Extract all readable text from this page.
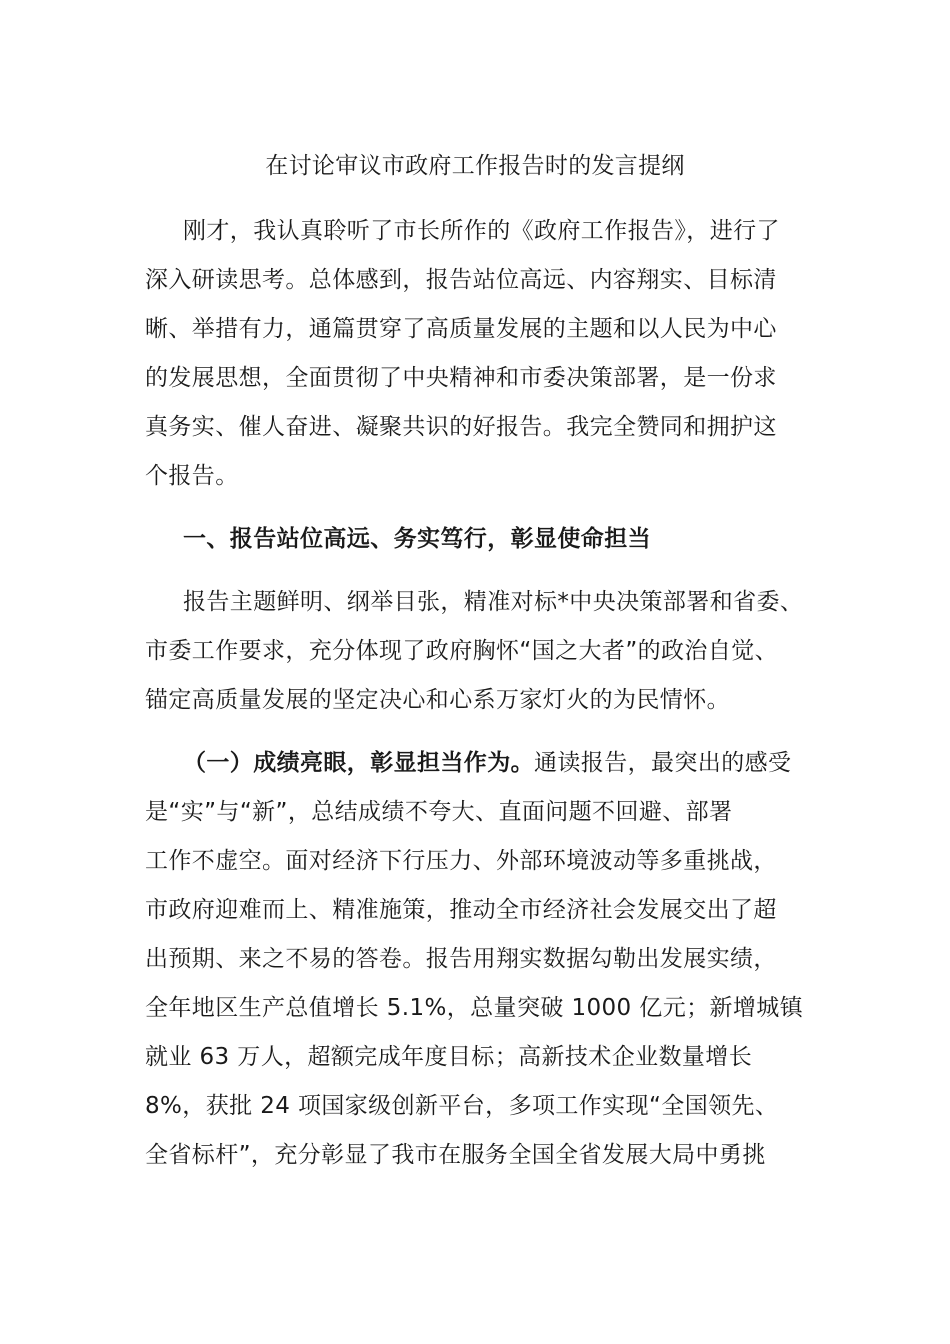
在讨论审议市政府工作报告时的发言提纲
刚才，我认真聆听了市长所作的《政府工作报告》，进行了
深入研读思考。总体感到，报告站位高远、内容翔实、目标清
晰、举措有力，通篇贯穿了高质量发展的主题和以人民为中心
的发展思想，全面贯彻了中央精神和市委决策部署，是一份求
真务实、催人奋进、凝聚共识的好报告。我完全赞同和拥护这
个报告。
一、报告站位高远、务实笃行，彰显使命担当
报告主题鲜明、纲举目张，精准对标*中央决策部署和省委、
市委工作要求，充分体现了政府胸怀“国之大者”的政治自觉、
锚定高质量发展的坚定决心和心系万家灯火的为民情怀。
（一）成绩亮眼，彰显担当作为。通读报告，最突出的感受
是“实”与“新”，总结成绩不夸大、直面问题不回避、部署
工作不虚空。面对经济下行压力、外部环境波动等多重挑战，
市政府迎难而上、精准施策，推动全市经济社会发展交出了超
出预期、来之不易的答卷。报告用翔实数据勾勒出发展实绩，
全年地区生产总值增长 5.1%，总量突破 1000 亿元；新增城镇
就业 63 万人，超额完成年度目标；高新技术企业数量增长
8%，获批 24 项国家级创新平台，多项工作实现“全国领先、
全省标杆”，充分彰显了我市在服务全国全省发展大局中勇挑
